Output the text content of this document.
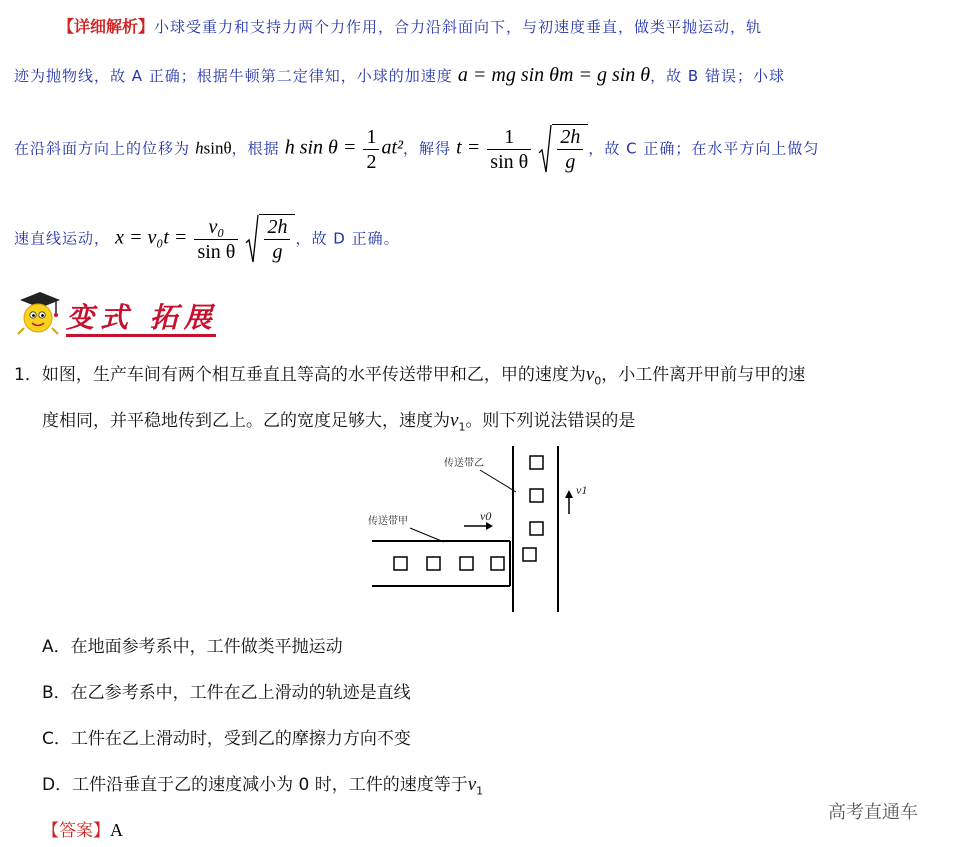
【详细解析】小球受重力和支持力两个力作用，合力沿斜面向下，与初速度垂直，做类平抛运动，轨
迹为抛物线，故 A 正确；根据牛顿第二定律知，小球的加速度 a = mg sin θm = g sin θ，故 B 错误；小球
在沿斜面方向上的位移为 hsinθ，根据 h $\sin \theta = \frac{1}{2} at^2$，解得 $t = \frac{1}{\text{sin θ}}$
$\frac{2h}{g}$ ，故 C 正确；在水平方向上做匀
速直线运动， $x = v_0t = \frac{\text{v₀}}{\text{sin θ}}$
$\frac{2h}{g}$ ，故 D 正确。
变式 拓展
1．如图，生产车间有两个相互垂直且等高的水平传送带甲和乙，甲的速度为$v_0$，小工件离开甲前与甲的速
度相同，并平稳地传到乙上。乙的宽度足够大，速度为$v_1$。则下列说法错误的是
传送带乙
传送带甲	v0
v1
A．在地面参考系中，工件做类平抛运动
B．在乙参考系中，工件在乙上滑动的轨迹是直线
C．工件在乙上滑动时，受到乙的摩擦力方向不变
D．工件沿垂直于乙的速度减小为 0 时，工件的速度等于$v_1$
高考直通车
【答案】A
